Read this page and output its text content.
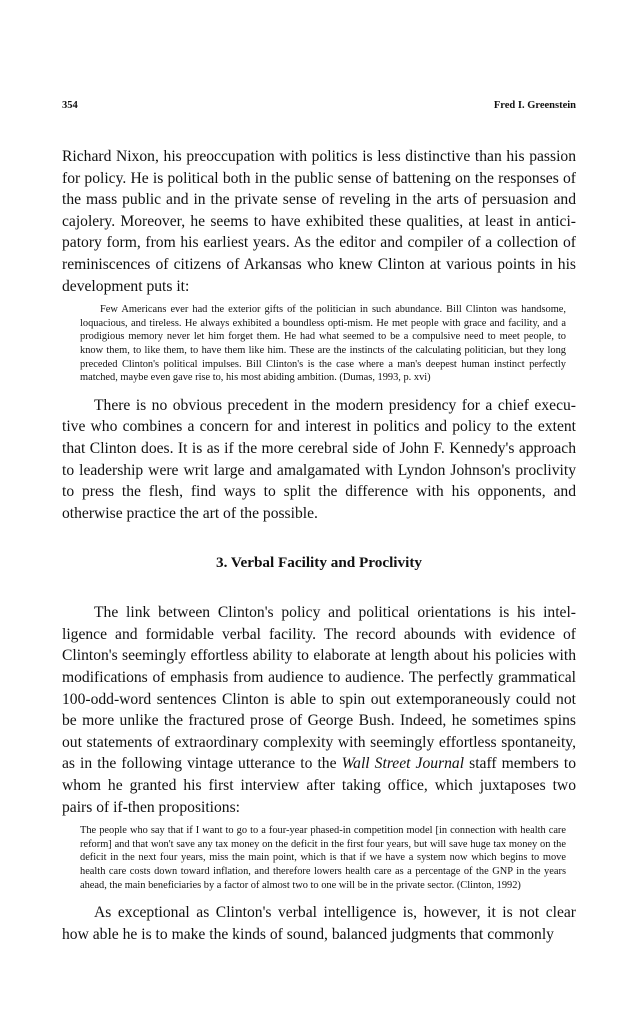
354	Fred I. Greenstein

Richard Nixon, his preoccupation with politics is less distinctive than his passion for policy. He is political both in the public sense of battening on the responses of the mass public and in the private sense of reveling in the arts of persuasion and cajolery. Moreover, he seems to have exhibited these qualities, at least in antici-patory form, from his earliest years. As the editor and compiler of a collection of reminiscences of citizens of Arkansas who knew Clinton at various points in his development puts it:

Few Americans ever had the exterior gifts of the politician in such abundance. Bill Clinton was handsome, loquacious, and tireless. He always exhibited a boundless opti-mism. He met people with grace and facility, and a prodigious memory never let him forget them. He had what seemed to be a compulsive need to meet people, to know them, to like them, to have them like him. These are the instincts of the calculating politician, but they long preceded Clinton's political impulses. Bill Clinton's is the case where a man's deepest human instinct perfectly matched, maybe even gave rise to, his most abiding ambition. (Dumas, 1993, p. xvi)

There is no obvious precedent in the modern presidency for a chief execu-tive who combines a concern for and interest in politics and policy to the extent that Clinton does. It is as if the more cerebral side of John F. Kennedy's approach to leadership were writ large and amalgamated with Lyndon Johnson's proclivity to press the flesh, find ways to split the difference with his opponents, and otherwise practice the art of the possible.

3. Verbal Facility and Proclivity

The link between Clinton's policy and political orientations is his intel-ligence and formidable verbal facility. The record abounds with evidence of Clinton's seemingly effortless ability to elaborate at length about his policies with modifications of emphasis from audience to audience. The perfectly grammatical 100-odd-word sentences Clinton is able to spin out extemporaneously could not be more unlike the fractured prose of George Bush. Indeed, he sometimes spins out statements of extraordinary complexity with seemingly effortless spontaneity, as in the following vintage utterance to the Wall Street Journal staff members to whom he granted his first interview after taking office, which juxtaposes two pairs of if-then propositions:

The people who say that if I want to go to a four-year phased-in competition model [in connection with health care reform] and that won't save any tax money on the deficit in the first four years, but will save huge tax money on the deficit in the next four years, miss the main point, which is that if we have a system now which begins to move health care costs down toward inflation, and therefore lowers health care as a percentage of the GNP in the years ahead, the main beneficiaries by a factor of almost two to one will be in the private sector. (Clinton, 1992)

As exceptional as Clinton's verbal intelligence is, however, it is not clear how able he is to make the kinds of sound, balanced judgments that commonly
